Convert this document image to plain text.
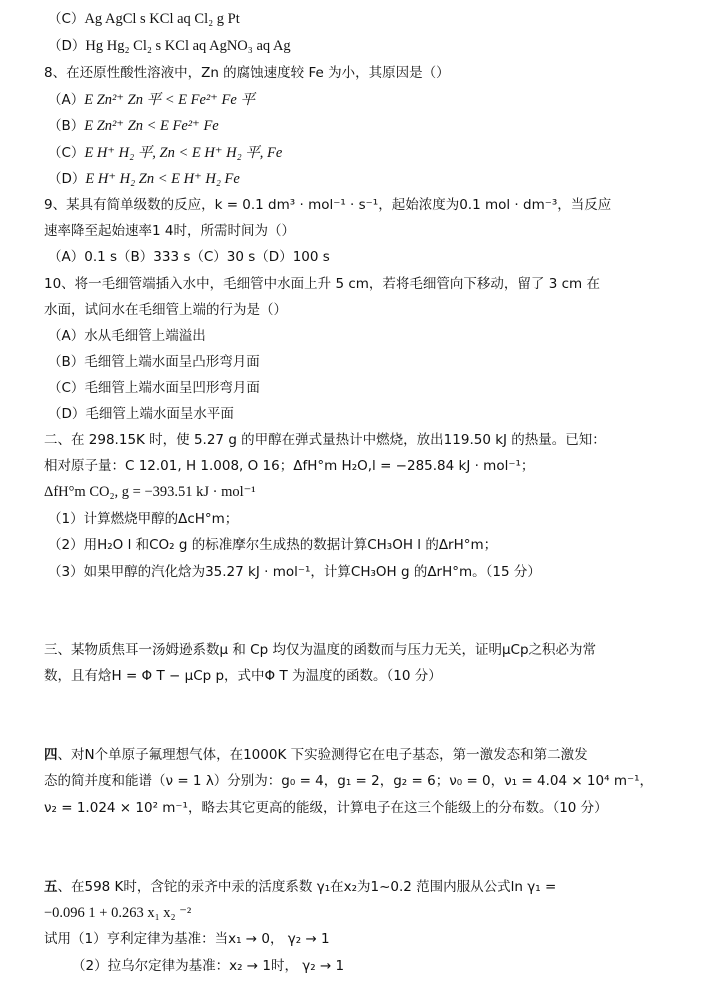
（C）Ag AgCl s KCl aq Cl₂ g Pt
（D）Hg Hg₂ Cl₂ s KCl aq AgNO₃ aq Ag
8、在还原性酸性溶液中，Zn 的腐蚀速度较 Fe 为小，其原因是（）
（A）E Zn²⁺ Zn 平 < E Fe²⁺ Fe 平
（B）E Zn²⁺ Zn < E Fe²⁺ Fe
（C）E H⁺ H₂ 平, Zn < E H⁺ H₂ 平, Fe
（D）E H⁺ H₂ Zn < E H⁺ H₂ Fe
9、某具有简单级数的反应，k = 0.1 dm³ · mol⁻¹ · s⁻¹，起始浓度为0.1 mol · dm⁻³，当反应
速率降至起始速率1 4时，所需时间为（）
（A）0.1 s（B）333 s（C）30 s（D）100 s
10、将一毛细管端插入水中，毛细管中水面上升 5 cm，若将毛细管向下移动，留了 3 cm 在
水面，试问水在毛细管上端的行为是（）
（A）水从毛细管上端溢出
（B）毛细管上端水面呈凸形弯月面
（C）毛细管上端水面呈凹形弯月面
（D）毛细管上端水面呈水平面
二、在 298.15K 时，使 5.27 g 的甲醇在弹式量热计中燃烧，放出119.50 kJ 的热量。已知：
相对原子量：C 12.01, H 1.008, O 16；ΔfH°m H₂O,l = −285.84 kJ · mol⁻¹；
ΔfH°m CO₂, g = −393.51 kJ · mol⁻¹
（1）计算燃烧甲醇的ΔcH°m；
（2）用H₂O l 和CO₂ g 的标准摩尔生成热的数据计算CH₃OH l 的ΔrH°m；
（3）如果甲醇的汽化焓为35.27 kJ · mol⁻¹，计算CH₃OH g 的ΔrH°m。（15 分）
三、某物质焦耳一汤姆逊系数μ 和 Cp 均仅为温度的函数而与压力无关，证明μCp之积必为常
数，且有焓H = Φ T − μCp p，式中Φ T 为温度的函数。（10 分）
四、对N个单原子氟理想气体，在1000K 下实验测得它在电子基态，第一激发态和第二激发
态的简并度和能谱（ν = 1 λ）分别为：g₀ = 4，g₁ = 2，g₂ = 6；ν₀ = 0，ν₁ = 4.04 × 10⁴ m⁻¹，
ν₂ = 1.024 × 10² m⁻¹，略去其它更高的能级，计算电子在这三个能级上的分布数。（10 分）
五、在598 K时，含铊的汞齐中汞的活度系数 γ₁在x₂为1~0.2 范围内服从公式ln γ₁ =
−0.096 1 + 0.263 x₁ x₂ ⁻²
试用（1）亨利定律为基准：当x₁ → 0， γ₂ → 1
（2）拉乌尔定律为基准：x₂ → 1时， γ₂ → 1
